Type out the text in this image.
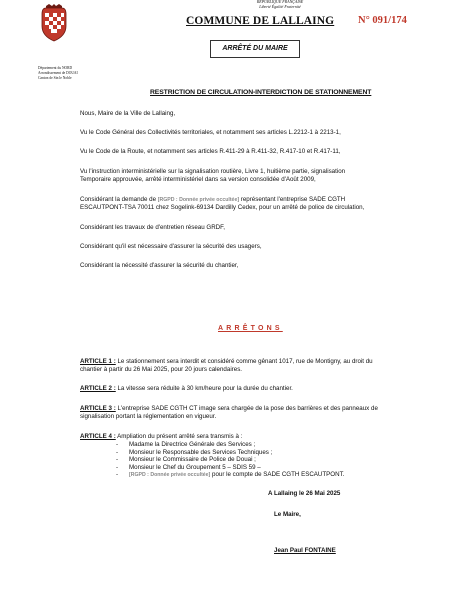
Département du NORD
Arrondissement de DOUAI
Canton de Sin le Noble
RÉPUBLIQUE FRANÇAISE
Liberté Égalité Fraternité
COMMUNE DE LALLAING N° 091/174
ARRÊTÉ DU MAIRE
RESTRICTION DE CIRCULATION-INTERDICTION DE STATIONNEMENT
Nous, Maire de la Ville de Lallaing,
Vu le Code Général des Collectivités territoriales, et notamment ses articles L.2212-1 à 2213-1,
Vu le Code de la Route, et notamment ses articles R.411-29 à R.411-32, R.417-10 et R.417-11,
Vu l'instruction interministérielle sur la signalisation routière, Livre 1, huitième partie, signalisation
Temporaire approuvée, arrêté interministériel dans sa version consolidée d'Août 2009,
Considérant la demande de [RGPD : Donnée privée occultée] représentant l'entreprise SADE CGTH
ESCAUTPONT-TSA 70011 chez Sogelink-69134 Dardilly Cedex, pour un arrêté de police de circulation,
Considérant les travaux de d'entretien réseau GRDF,
Considérant qu'il est nécessaire d'assurer la sécurité des usagers,
Considérant la nécessité d'assurer la sécurité du chantier,
ARRÊTONS
ARTICLE 1 : Le stationnement sera interdit et considéré comme gênant 1017, rue de Montigny, au droit du
chantier à partir du 26 Mai 2025, pour 20 jours calendaires.
ARTICLE 2 : La vitesse sera réduite à 30 km/heure pour la durée du chantier.
ARTICLE 3 : L'entreprise SADE CGTH CT image sera chargée de la pose des barrières et des panneaux de
signalisation portant la réglementation en vigueur.
ARTICLE 4 : Ampliation du présent arrêté sera transmis à :
- Madame la Directrice Générale des Services ;
- Monsieur le Responsable des Services Techniques ;
- Monsieur le Commissaire de Police de Douai ;
- Monsieur le Chef du Groupement 5 – SDIS 59 –
- [RGPD : Donnée privée occultée] pour le compte de SADE CGTH ESCAUTPONT.
A Lallaing le 26 Mai 2025
Le Maire,
Jean Paul FONTAINE
